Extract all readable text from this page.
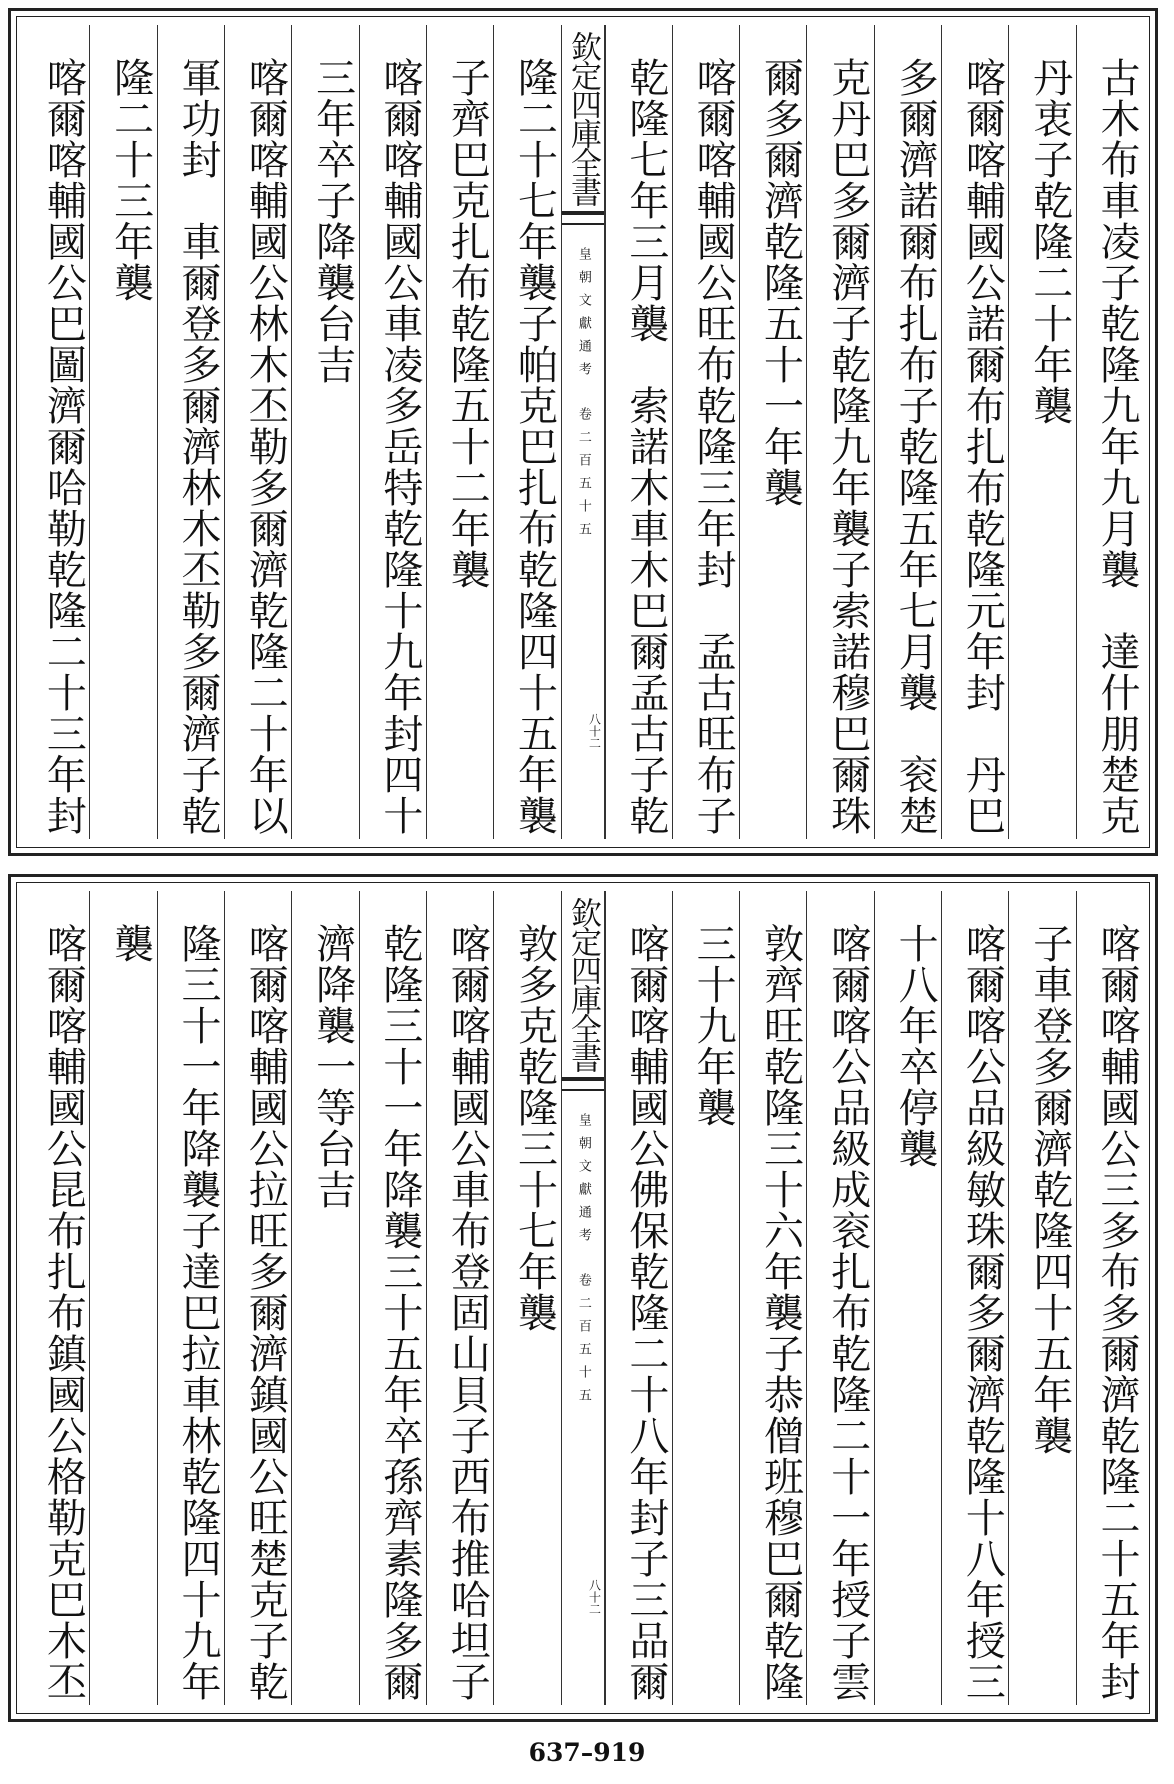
古木布車凌子乾隆九年九月襲　達什朋楚克
丹衷子乾隆二十年襲
喀爾喀輔國公諾爾布扎布乾隆元年封　丹巴
多爾濟諾爾布扎布子乾隆五年七月襲　衮楚
克丹巴多爾濟子乾隆九年襲子索諾穆巴爾珠
爾多爾濟乾隆五十一年襲
喀爾喀輔國公旺布乾隆三年封　孟古旺布子
乾隆七年三月襲　索諾木車木巴爾孟古子乾
欽定四庫全書
皇朝文獻通考
卷二百五十五
八十二
隆二十七年襲子帕克巴扎布乾隆四十五年襲
子齊巴克扎布乾隆五十二年襲
喀爾喀輔國公車凌多岳特乾隆十九年封四十
三年卒子降襲台吉
喀爾喀輔國公林木丕勒多爾濟乾隆二十年以
軍功封　車爾登多爾濟林木丕勒多爾濟子乾
隆二十三年襲
喀爾喀輔國公巴圖濟爾哈勒乾隆二十三年封
喀爾喀輔國公三多布多爾濟乾隆二十五年封
子車登多爾濟乾隆四十五年襲
喀爾喀公品級敏珠爾多爾濟乾隆十八年授三
十八年卒停襲
喀爾喀公品級成衮扎布乾隆二十一年授子雲
敦齊旺乾隆三十六年襲子恭僧班穆巴爾乾隆
三十九年襲
喀爾喀輔國公佛保乾隆二十八年封子三品爾
欽定四庫全書
皇朝文獻通考
卷二百五十五
八十二
敦多克乾隆三十七年襲
喀爾喀輔國公車布登固山貝子西布推哈坦子
乾隆三十一年降襲三十五年卒孫齊素隆多爾
濟降襲一等台吉
喀爾喀輔國公拉旺多爾濟鎮國公旺楚克子乾
隆三十一年降襲子達巴拉車林乾隆四十九年
襲
喀爾喀輔國公昆布扎布鎮國公格勒克巴木丕
637–919
